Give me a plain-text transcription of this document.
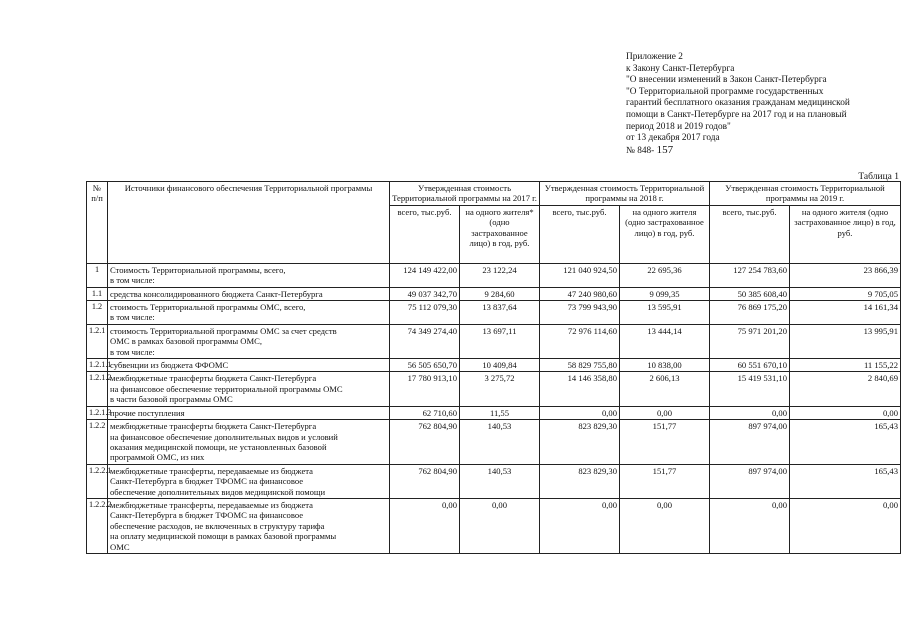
Приложение 2
к Закону Санкт-Петербурга
"О внесении изменений в Закон Санкт-Петербурга
"О Территориальной программе государственных
гарантий бесплатного оказания гражданам медицинской
помощи в Санкт-Петербурге на 2017 год и на плановый
период 2018 и 2019 годов"
от 13 декабря 2017 года
№ 848- 157
Таблица 1
№ п/п	Источники финансового обеспечения Территориальной программы	Утвержденная стоимость Территориальной программы на 2017 г.		Утвержденная стоимость Территориальной программы на 2018 г.		Утвержденная стоимость Территориальной программы на 2019 г.	
		всего, тыс.руб.	на одного жителя* (одно застрахованное лицо) в год, руб.	всего, тыс.руб.	на одного жителя (одно застрахованное лицо) в год, руб.	всего, тыс.руб.	на одного жителя (одно застрахованное лицо) в год, руб.
1	Стоимость Территориальной программы, всего,
в том числе:	124 149 422,00	23 122,24	121 040 924,50	22 695,36	127 254 783,60	23 866,39
1.1	средства консолидированного бюджета Санкт-Петербурга	49 037 342,70	9 284,60	47 240 980,60	9 099,35	50 385 608,40	9 705,05
1.2	стоимость Территориальной программы ОМС, всего,
в том числе:	75 112 079,30	13 837,64	73 799 943,90	13 595,91	76 869 175,20	14 161,34
1.2.1	стоимость Территориальной программы ОМС за счет средств
ОМС в рамках базовой программы ОМС,
в том числе:	74 349 274,40	13 697,11	72 976 114,60	13 444,14	75 971 201,20	13 995,91
1.2.1.1	субвенции из бюджета ФФОМС	56 505 650,70	10 409,84	58 829 755,80	10 838,00	60 551 670,10	11 155,22
1.2.1.2	межбюджетные трансферты бюджета Санкт-Петербурга
на финансовое обеспечение территориальной программы ОМС
в части базовой программы ОМС	17 780 913,10	3 275,72	14 146 358,80	2 606,13	15 419 531,10	2 840,69
1.2.1.3	прочие поступления	62 710,60	11,55	0,00	0,00	0,00	0,00
1.2.2	межбюджетные трансферты бюджета Санкт-Петербурга
на финансовое обеспечение дополнительных видов и условий
оказания медицинской помощи, не установленных базовой
программой ОМС, из них	762 804,90	140,53	823 829,30	151,77	897 974,00	165,43
1.2.2.1	межбюджетные трансферты, передаваемые из бюджета
Санкт-Петербурга в бюджет ТФОМС на финансовое
обеспечение дополнительных видов медицинской помощи	762 804,90	140,53	823 829,30	151,77	897 974,00	165,43
1.2.2.2	межбюджетные трансферты, передаваемые из бюджета
Санкт-Петербурга в бюджет ТФОМС на финансовое
обеспечение расходов, не включенных в структуру тарифа
на оплату медицинской помощи в рамках базовой программы
ОМС	0,00	0,00	0,00	0,00	0,00	0,00
